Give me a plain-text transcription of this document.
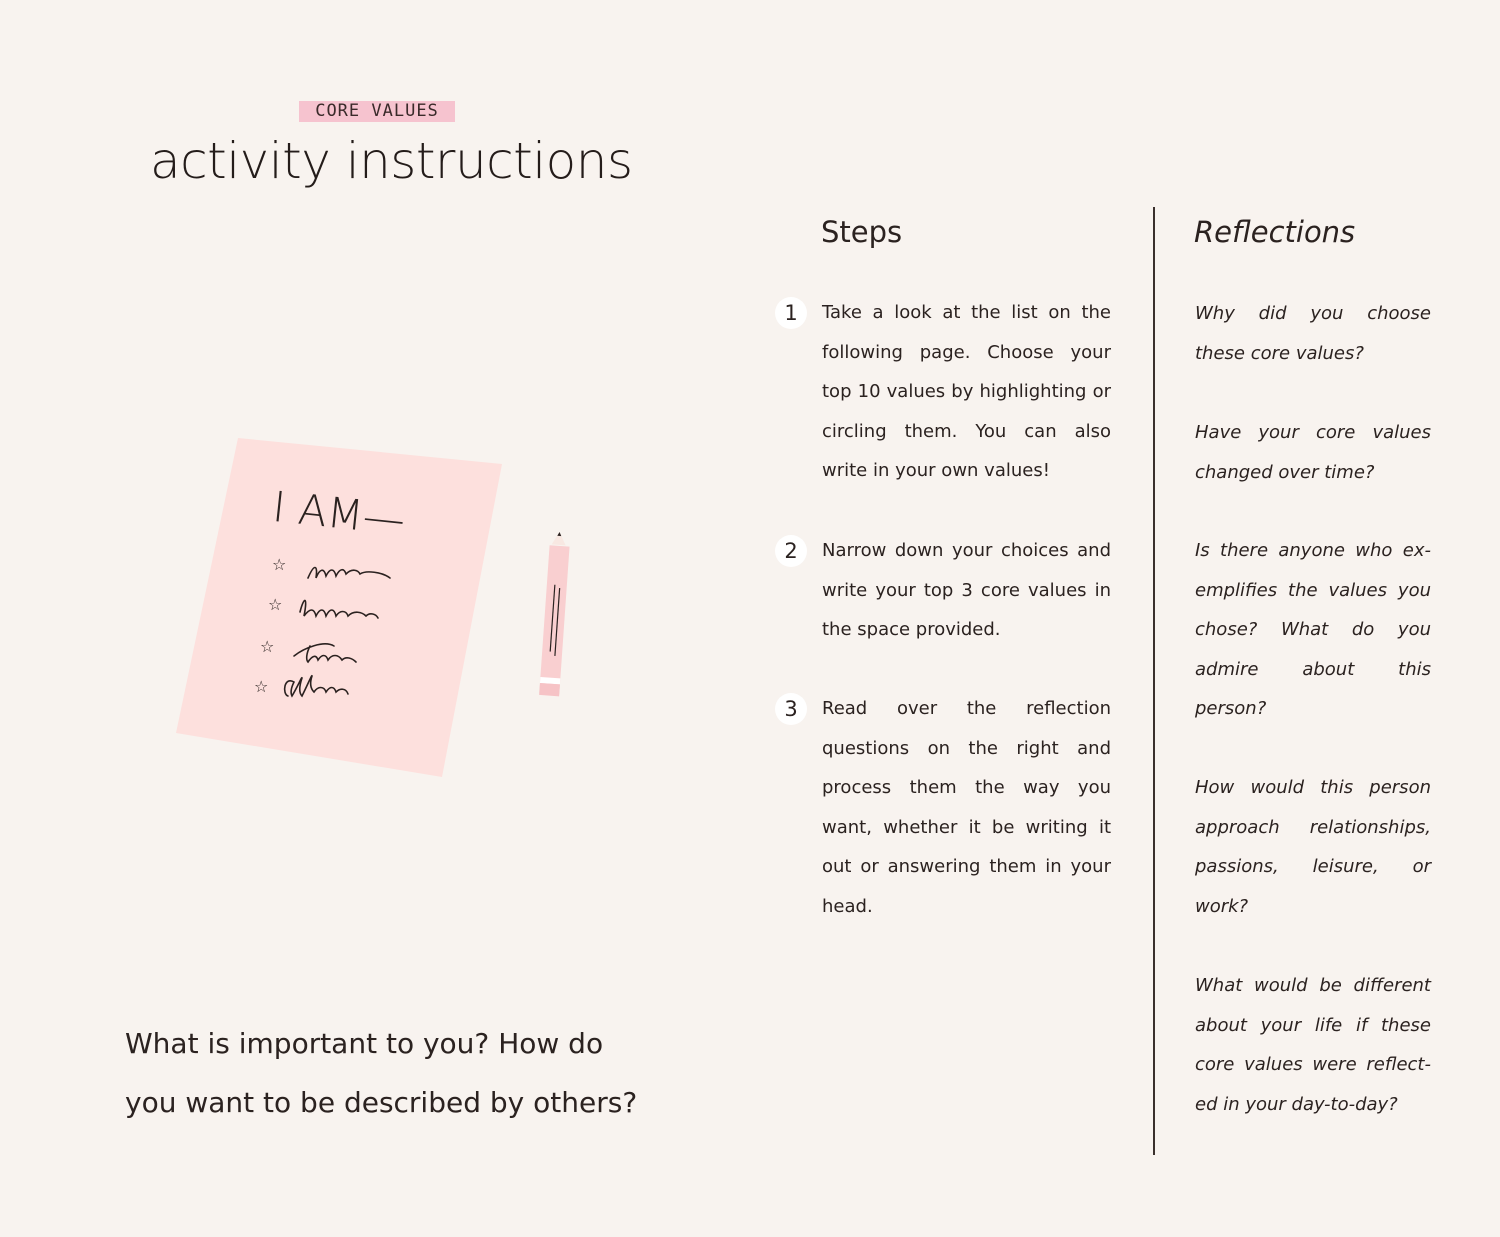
CORE VALUES
activity instructions
I AM—
☆
☆
☆
☆
What is important to you? How do you want to be described by others?
Steps	Reflections
1	Take a look at the list on the following page. Choose your top 10 values by highlighting or circling them. You can also write in your own values!
2	Narrow down your choices and write your top 3 core values in the space provided.
3	Read over the reflection questions on the right and process them the way you want, whether it be writing it out or answering them in your head.
Why did you choose these core values?
Have your core values changed over time?
Is there anyone who exemplifies the values you chose? What do you admire about this person?
How would this person approach relationships, passions, leisure, or work?
What would be different about your life if these core values were reflected in your day-to-day?
